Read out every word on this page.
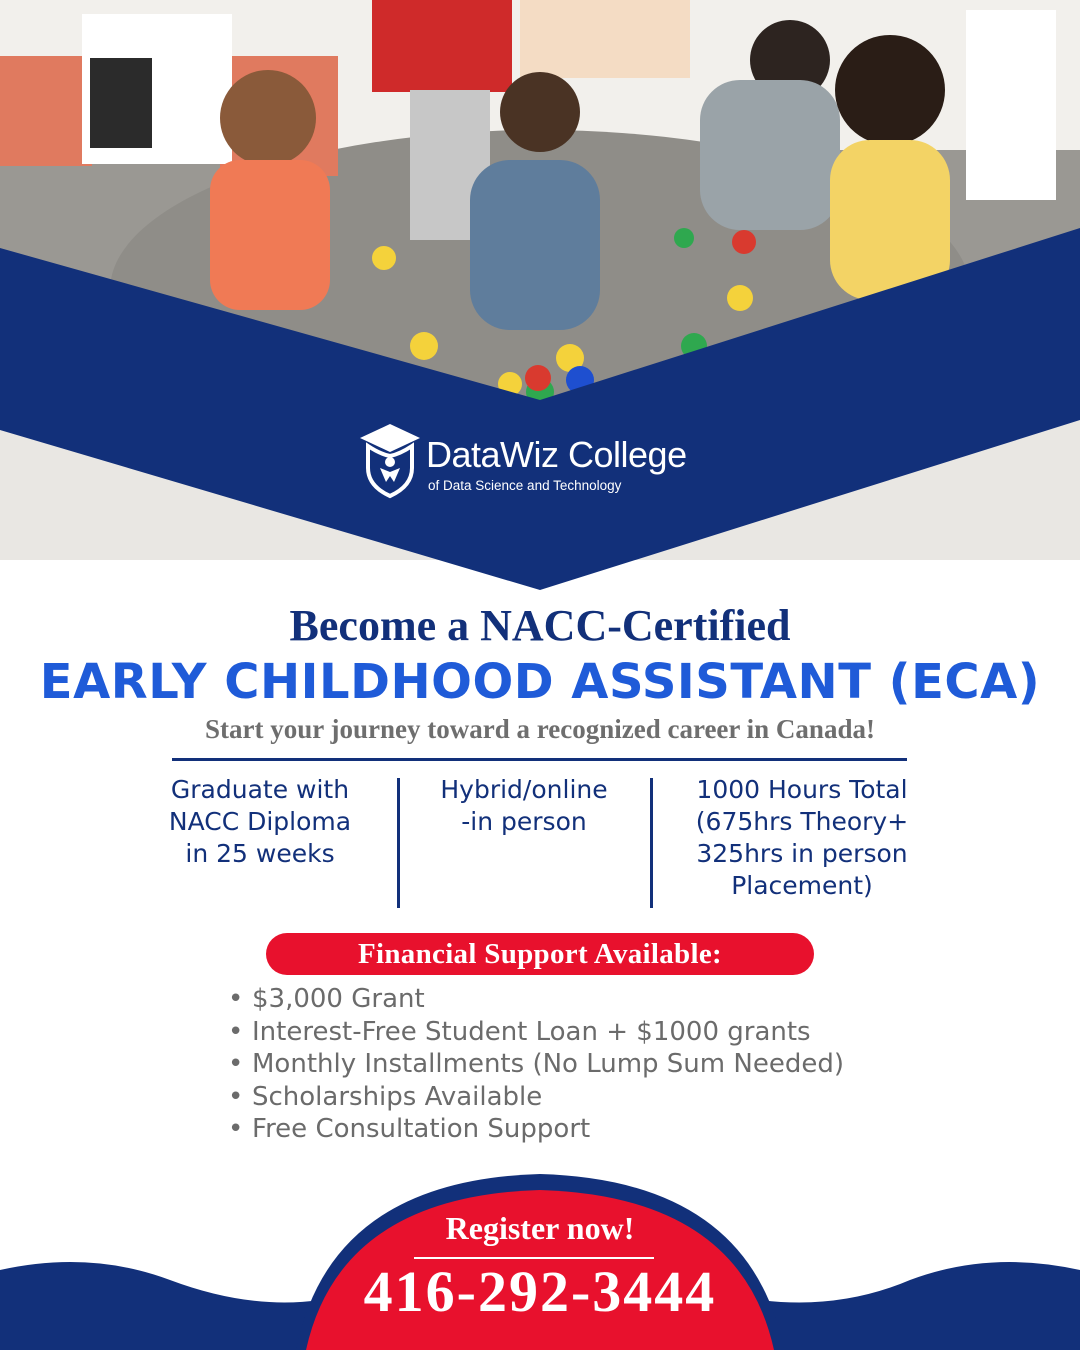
DataWiz College
of Data Science and Technology
Become a NACC-Certified
EARLY CHILDHOOD ASSISTANT (ECA)
Start your journey toward a recognized career in Canada!
Graduate with
NACC Diploma
in 25 weeks
Hybrid/online
-in person
1000 Hours Total
(675hrs Theory+
325hrs in person
Placement)
Financial Support Available:
• $3,000 Grant
• Interest-Free Student Loan + $1000 grants
• Monthly Installments (No Lump Sum Needed)
• Scholarships Available
• Free Consultation Support
Register now!
416-292-3444
